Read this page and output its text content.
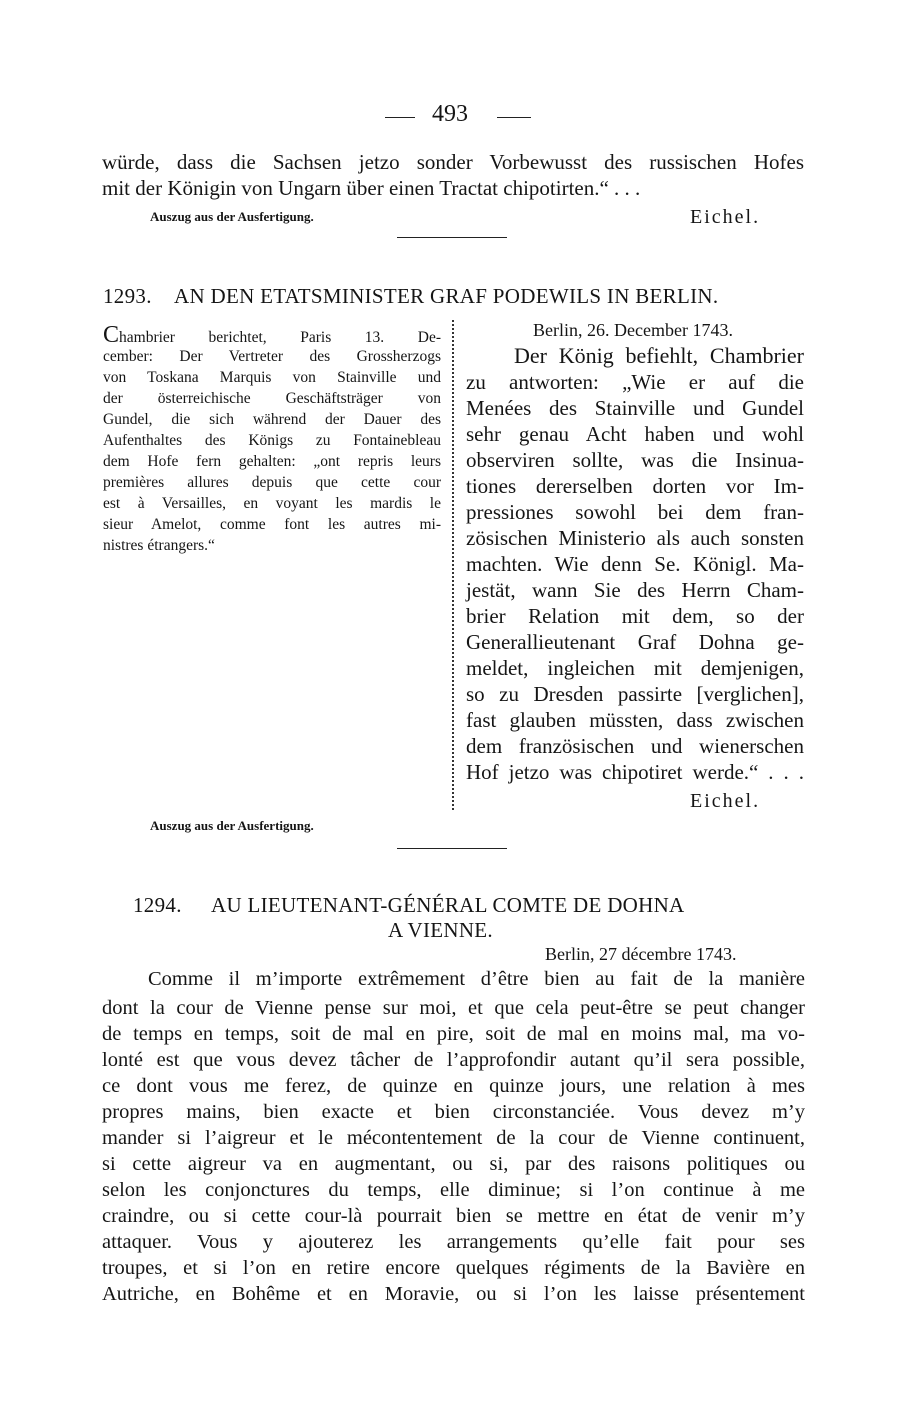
493
würde, dass die Sachsen jetzo sonder Vorbewusst des russischen Hofes
mit der Königin von Ungarn über einen Tractat chipotirten.“ . . .
Auszug aus der Ausfertigung.	Eichel.
1293. AN DEN ETATSMINISTER GRAF PODEWILS IN BERLIN.
Chambrier berichtet, Paris 13. De-
cember: Der Vertreter des Grossherzogs
von Toskana Marquis von Stainville und
der österreichische Geschäftsträger von
Gundel, die sich während der Dauer des
Aufenthaltes des Königs zu Fontainebleau
dem Hofe fern gehalten: „ont repris leurs
premières allures depuis que cette cour
est à Versailles, en voyant les mardis le
sieur Amelot, comme font les autres mi-
nistres étrangers.“
Berlin, 26. December 1743.
Der König befiehlt, Chambrier
zu antworten: „Wie er auf die
Menées des Stainville und Gundel
sehr genau Acht haben und wohl
observiren sollte, was die Insinua-
tiones dererselben dorten vor Im-
pressiones sowohl bei dem fran-
zösischen Ministerio als auch sonsten
machten. Wie denn Se. Königl. Ma-
jestät, wann Sie des Herrn Cham-
brier Relation mit dem, so der
Generallieutenant Graf Dohna ge-
meldet, ingleichen mit demjenigen,
so zu Dresden passirte [verglichen],
fast glauben müssten, dass zwischen
dem französischen und wienerschen
Hof jetzo was chipotiret werde.“ . . .
Eichel.
Auszug aus der Ausfertigung.
1294. AU LIEUTENANT-GÉNÉRAL COMTE DE DOHNA
A VIENNE.
Berlin, 27 décembre 1743.
Comme il m’importe extrêmement d’être bien au fait de la manière
dont la cour de Vienne pense sur moi, et que cela peut-être se peut changer
de temps en temps, soit de mal en pire, soit de mal en moins mal, ma vo-
lonté est que vous devez tâcher de l’approfondir autant qu’il sera possible,
ce dont vous me ferez, de quinze en quinze jours, une relation à mes
propres mains, bien exacte et bien circonstanciée. Vous devez m’y
mander si l’aigreur et le mécontentement de la cour de Vienne continuent,
si cette aigreur va en augmentant, ou si, par des raisons politiques ou
selon les conjonctures du temps, elle diminue; si l’on continue à me
craindre, ou si cette cour-là pourrait bien se mettre en état de venir m’y
attaquer. Vous y ajouterez les arrangements qu’elle fait pour ses
troupes, et si l’on en retire encore quelques régiments de la Bavière en
Autriche, en Bohême et en Moravie, ou si l’on les laisse présentement
